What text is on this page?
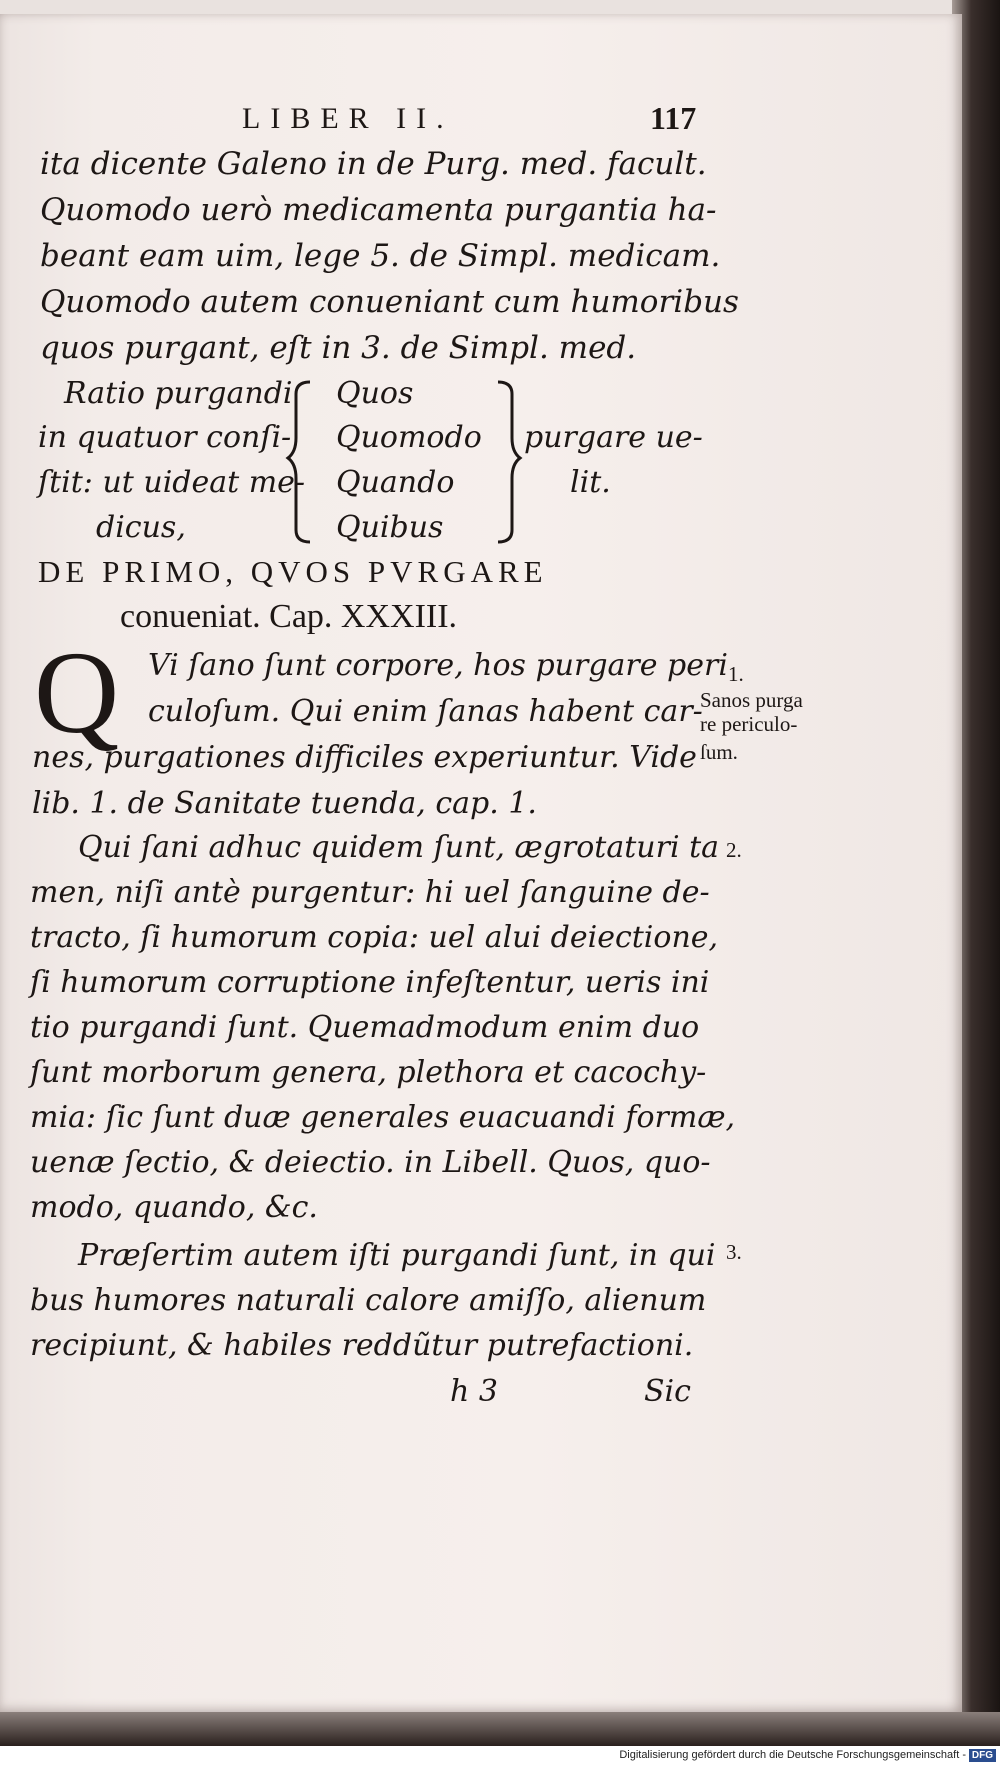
LIBER II.	117
ita dicente Galeno in de Purg. med. facult.
Quomodo uerò medicamenta purgantia ha-
beant eam uim, lege 5. de Simpl. medicam.
Quomodo autem conueniant cum humoribus
quos purgant, eſt in 3. de Simpl. med.
Ratio purgandi
in quatuor conſi-
ſtit: ut uideat me-
dicus,
Quos
Quomodo
Quando
Quibus
purgare ue-
lit.
DE PRIMO, QVOS PVRGARE
conueniat. Cap. XXXIII.
Q Vi ſano ſunt corpore, hos purgare peri
culoſum. Qui enim ſanas habent car-
nes, purgationes difficiles experiuntur. Vide
lib. 1. de Sanitate tuenda, cap. 1.
Qui ſani adhuc quidem ſunt, ægrotaturi ta
men, niſi antè purgentur: hi uel ſanguine de-
tracto, ſi humorum copia: uel alui deiectione,
ſi humorum corruptione infeſtentur, ueris ini
tio purgandi ſunt. Quemadmodum enim duo
ſunt morborum genera, plethora et cacochy-
mia: ſic ſunt duæ generales euacuandi formæ,
uenæ ſectio, & deiectio. in Libell. Quos, quo-
modo, quando, &c.
Præſertim autem iſti purgandi ſunt, in qui
bus humores naturali calore amiſſo, alienum
recipiunt, & habiles reddũtur putrefactioni.
h 3	Sic
1.
Sanos purga
re periculo-
ſum.
2.
3.
Digitalisierung gefördert durch die Deutsche Forschungsgemeinschaft - DFG
